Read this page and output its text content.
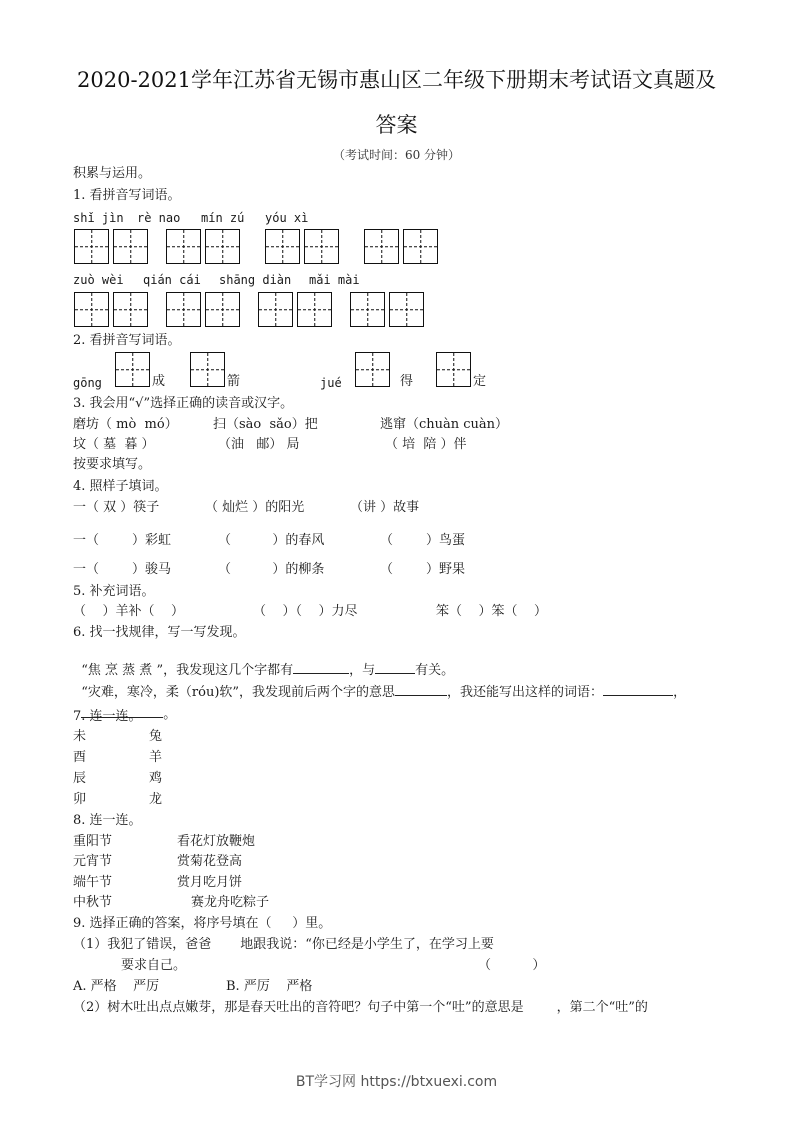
2020-2021学年江苏省无锡市惠山区二年级下册期末考试语文真题及
答案
（考试时间：60 分钟）
积累与运用。
1. 看拼音写词语。
shǐ jìn rè nao mín zú yóu xì
zuò wèi qián cái shāng diàn mǎi mài
2. 看拼音写词语。
gōng	成	箭	jué	得	定
3. 我会用“√”选择正确的读音或汉字。
磨坊（ mò  mó）	扫（sào  sǎo）把	逃窜（chuàn cuàn）
坟（ 墓  暮 ）	（油   邮） 局	（ 培  陪 ）伴
按要求填写。
4. 照样子填词。
一（ 双 ）筷子	（ 灿烂 ）的阳光	（讲 ）故事
一（        ）彩虹	（          ）的春风	（        ）鸟蛋
一（        ）骏马	（          ）的柳条	（        ）野果
5. 补充词语。
（    ）羊补（    ）	（    ）（    ）力尽	笨（    ）笨（    ）
6. 找一找规律，写一写发现。

“焦 烹 蒸 煮 ”，我发现这几个字都有	，与	有关。

“灾难，寒冷，柔（róu)软”，我发现前后两个字的意思	，我还能写出这样的词语：	，

。

7. 连一连。
未	兔
酉	羊
辰	鸡
卯	龙
8. 连一连。
重阳节	看花灯放鞭炮
元宵节	赏菊花登高
端午节	赏月吃月饼
中秋节	赛龙舟吃粽子
9. 选择正确的答案，将序号填在（     ）里。
（1）我犯了错误，爸爸       地跟我说：“你已经是小学生了，在学习上要
要求自己。	（          ）
A. 严格    严厉	B. 严厉    严格
（2）树木吐出点点嫩芽，那是春天吐出的音符吧？句子中第一个“吐”的意思是        ，第二个“吐”的
BT学习网 https://btxuexi.com
